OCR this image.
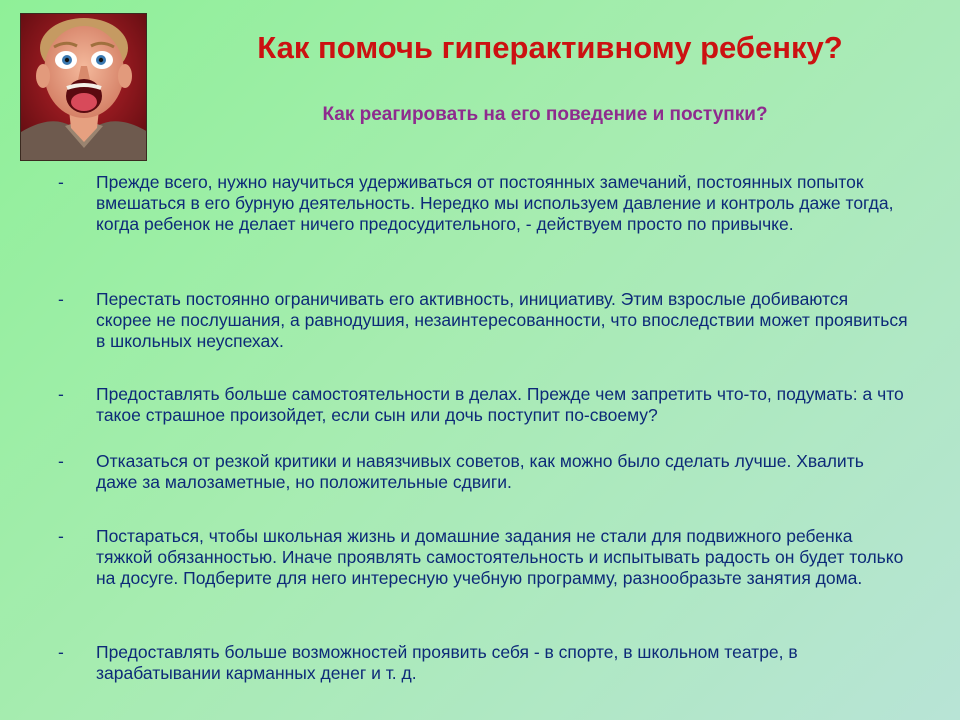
Как помочь гиперактивному ребенку?
Как реагировать на его поведение и поступки?
-	Прежде всего, нужно научиться удерживаться от постоянных замечаний, постоянных попыток вмешаться в его бурную деятельность. Нередко мы используем давление и контроль даже тогда, когда ребенок не делает ничего предосудительного, - действуем просто по привычке.
-	Перестать постоянно ограничивать его активность, инициативу. Этим взрослые добиваются скорее не послушания, а равнодушия, незаинтересованности, что впоследствии может проявиться в школьных неуспехах.
-	Предоставлять больше самостоятельности в делах. Прежде чем запретить что-то, подумать: а что такое страшное произойдет, если сын или дочь поступит по-своему?
-	Отказаться от резкой критики и навязчивых советов, как можно было сделать лучше. Хвалить даже за малозаметные, но положительные сдвиги.
-	Постараться, чтобы школьная жизнь и домашние задания не стали для подвижного ребенка тяжкой обязанностью. Иначе проявлять самостоятельность и испытывать радость он будет только на досуге. Подберите для него интересную учебную программу, разнообразьте занятия дома.
-	Предоставлять больше возможностей проявить себя - в спорте, в школьном театре, в зарабатывании карманных денег и т. д.
